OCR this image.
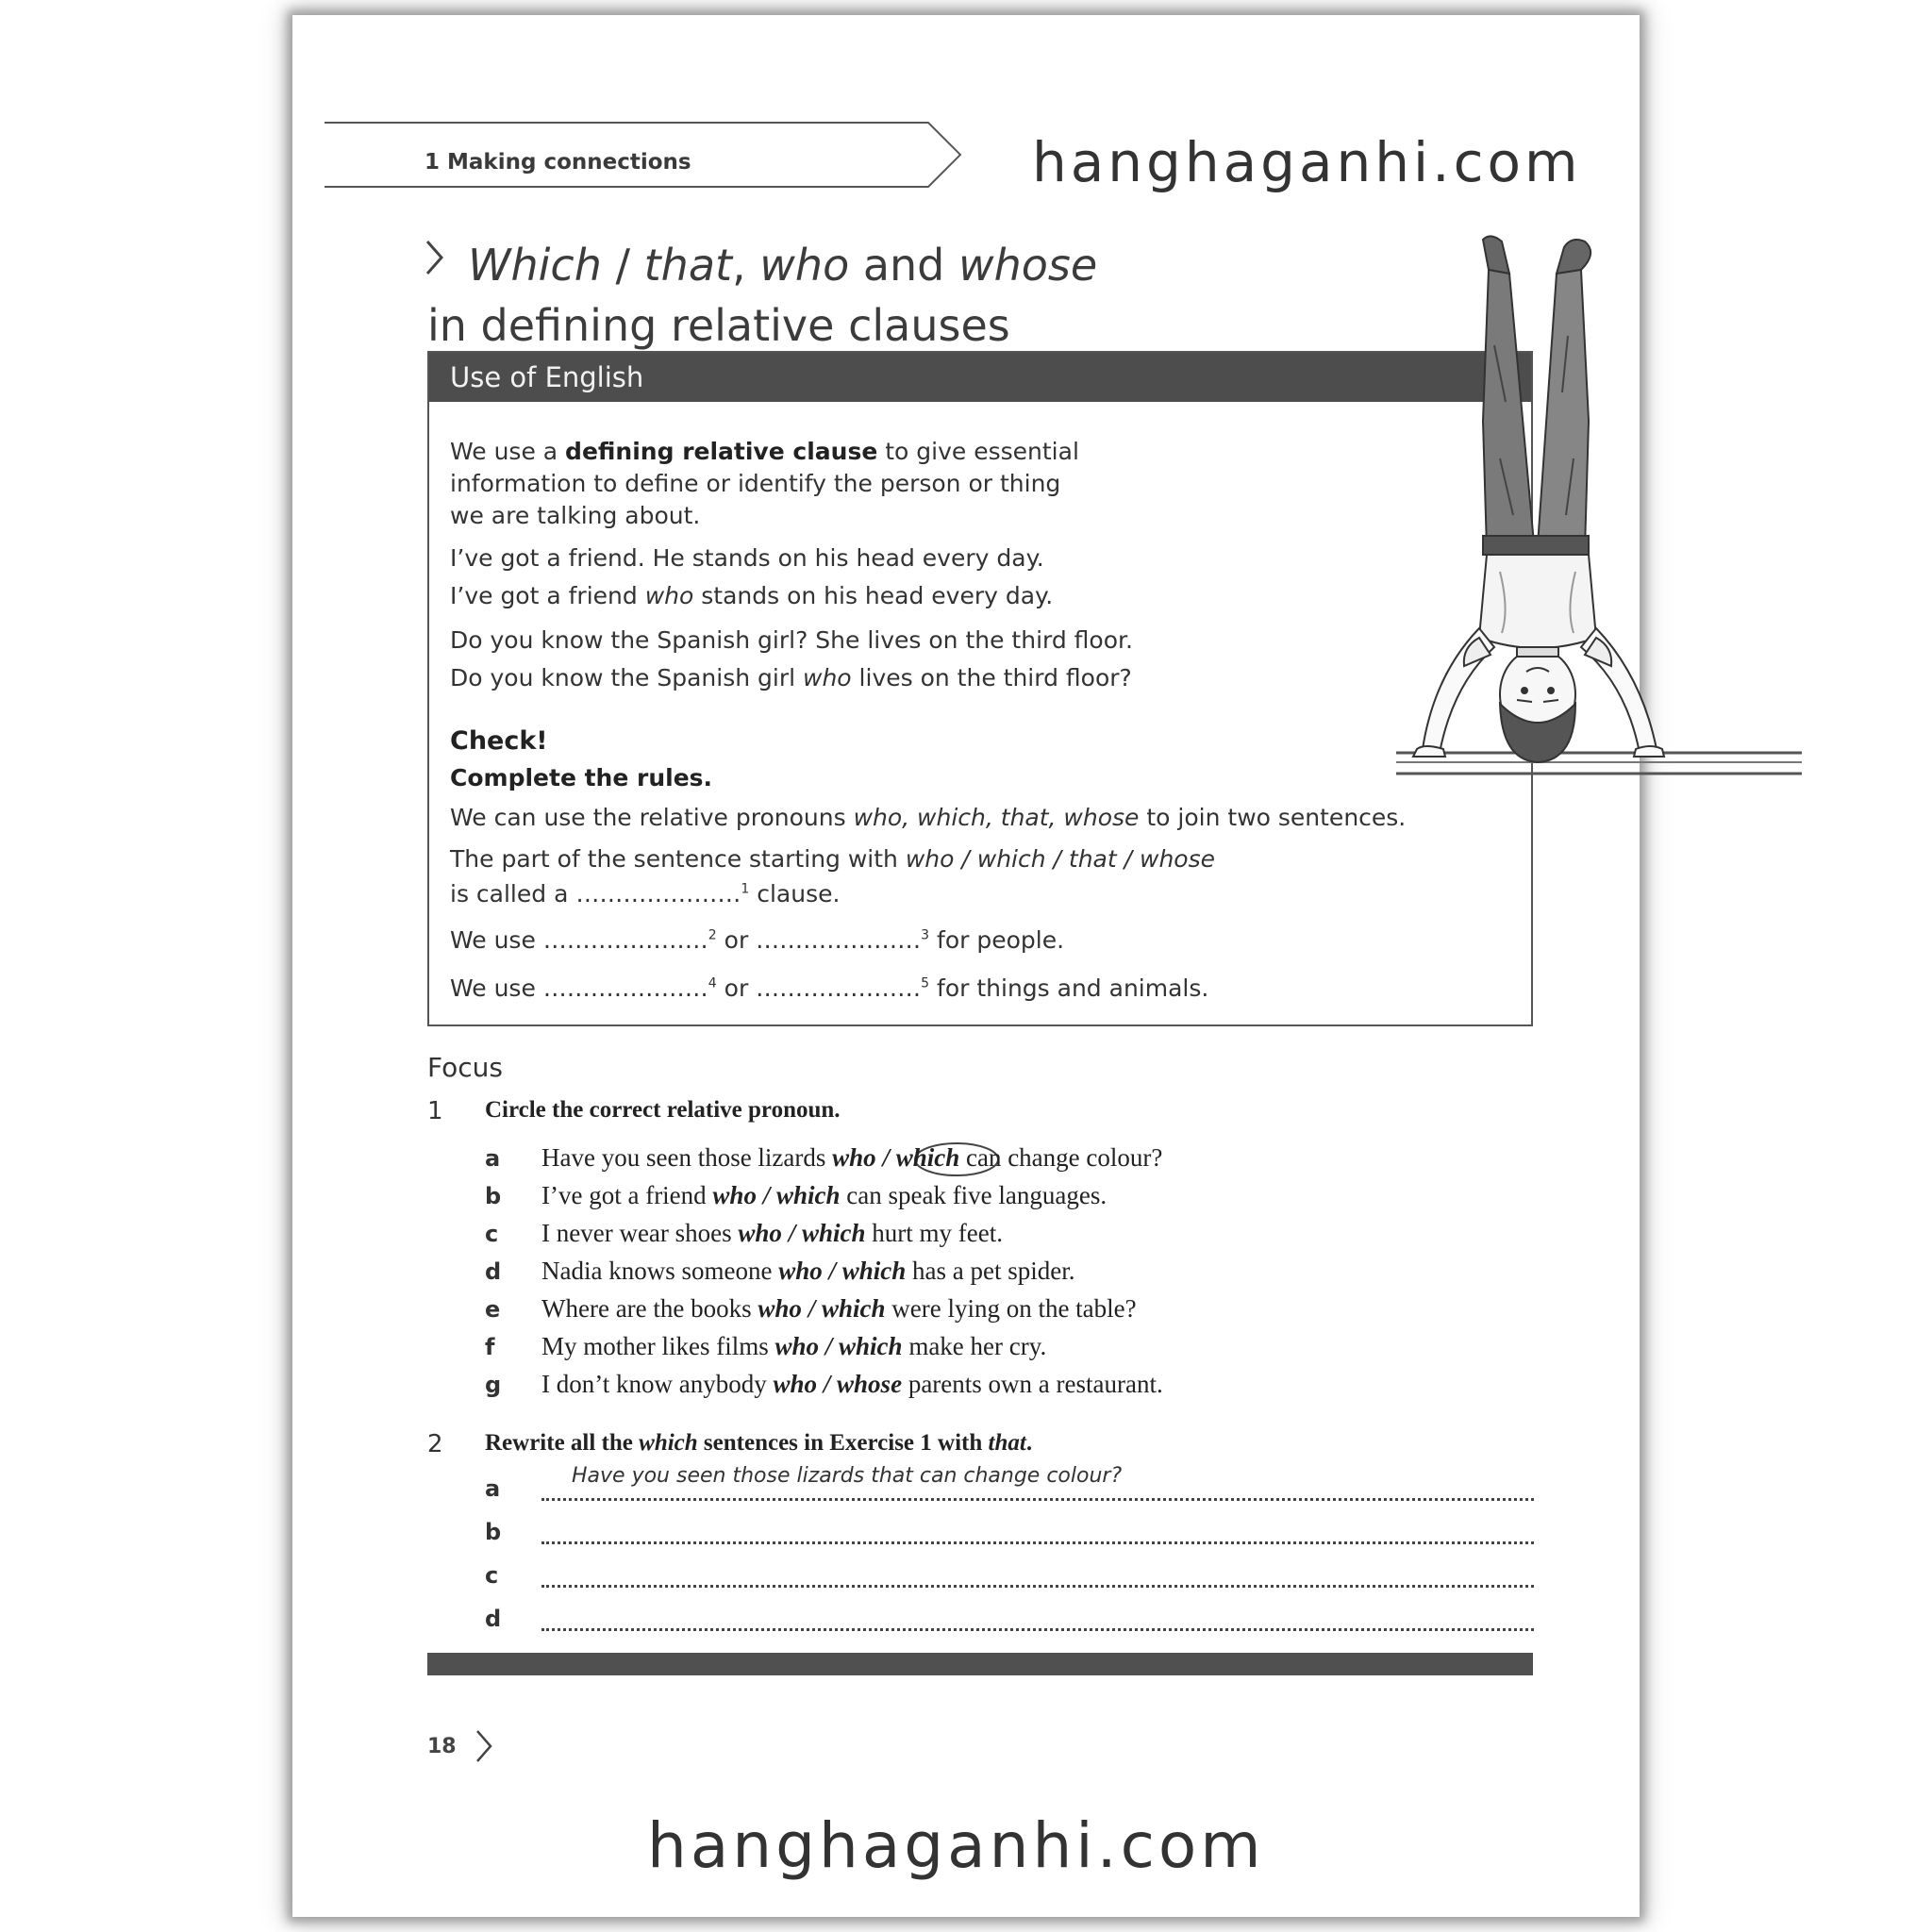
1 Making connections
Which / that, who and whose
in defining relative clauses
Use of English
We use a defining relative clause to give essential
information to define or identify the person or thing
we are talking about.
I’ve got a friend. He stands on his head every day.
I’ve got a friend who stands on his head every day.
Do you know the Spanish girl? She lives on the third floor.
Do you know the Spanish girl who lives on the third floor?
Check!
Complete the rules.
We can use the relative pronouns who, which, that, whose to join two sentences.
The part of the sentence starting with who / which / that / whose
is called a …………………$^1$ clause.
We use …………………$^2$ or …………………$^3$ for people.
We use …………………$^4$ or …………………$^5$ for things and animals.
Focus
1 Circle the correct relative pronoun.
2 Rewrite all the which sentences in Exercise 1 with that.
18
a Have you seen those lizards who / which can change colour?
b I’ve got a friend who / which can speak five languages.
c I never wear shoes who / which hurt my feet.
d Nadia knows someone who / which has a pet spider.
e Where are the books who / which were lying on the table?
f My mother likes films who / which make her cry.
g I don’t know anybody who / whose parents own a restaurant.
a	Have you seen those lizards that can change colour?
b
c
d
hanghaganhi.com
hanghaganhi.com
